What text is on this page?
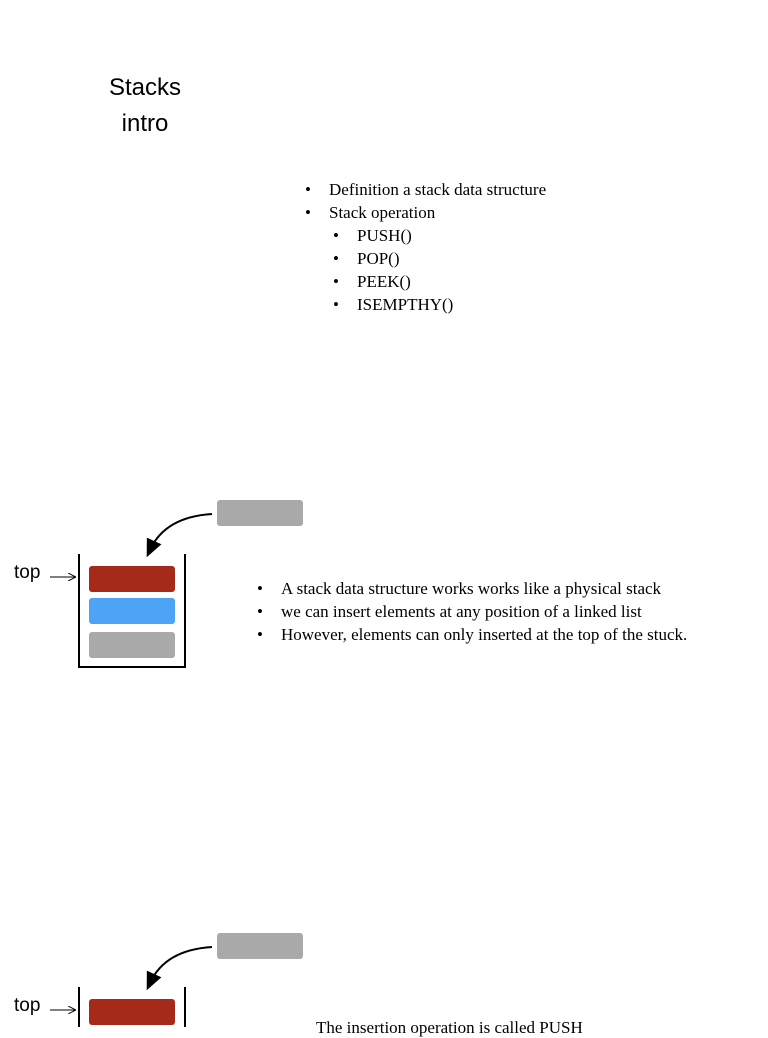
Stacks
intro
• Definition a stack data structure
• Stack operation
• PUSH()
• POP()
• PEEK()
• ISEMPTHY()
top
• A stack data structure works works like a physical stack
• we can insert elements at any position of a linked list
• However, elements can only inserted at the top of the stuck.
top
The insertion operation is called PUSH
